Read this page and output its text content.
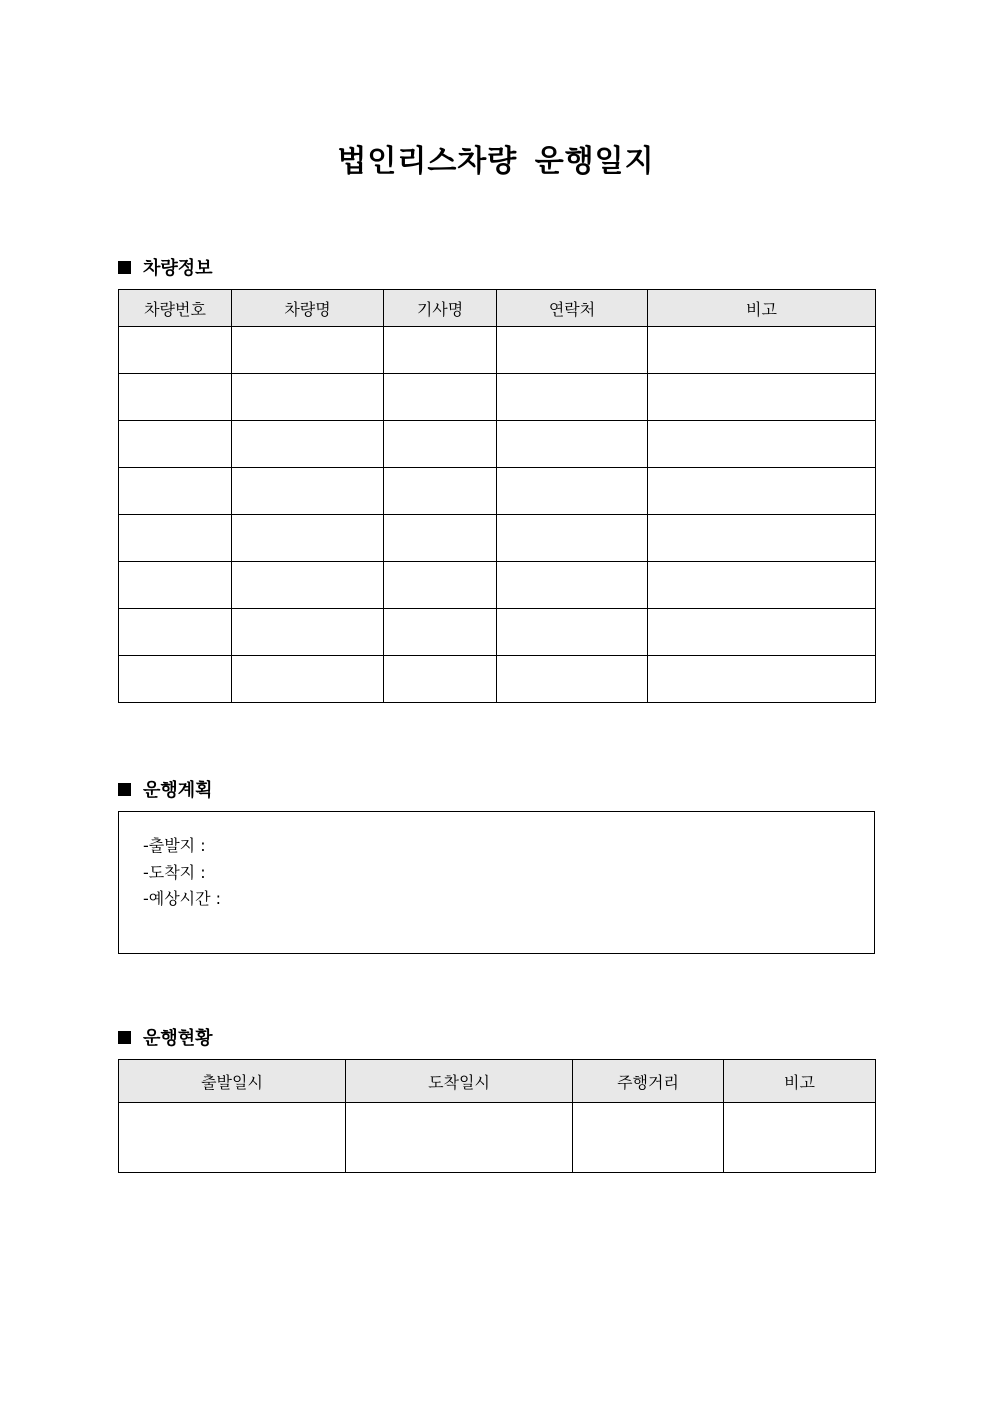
법인리스차량 운행일지
차량정보
차량번호	차량명	기사명	연락처	비고

운행계획
-출발지 :
-도착지 :
-예상시간 :
운행현황
출발일시	도착일시	주행거리	비고
